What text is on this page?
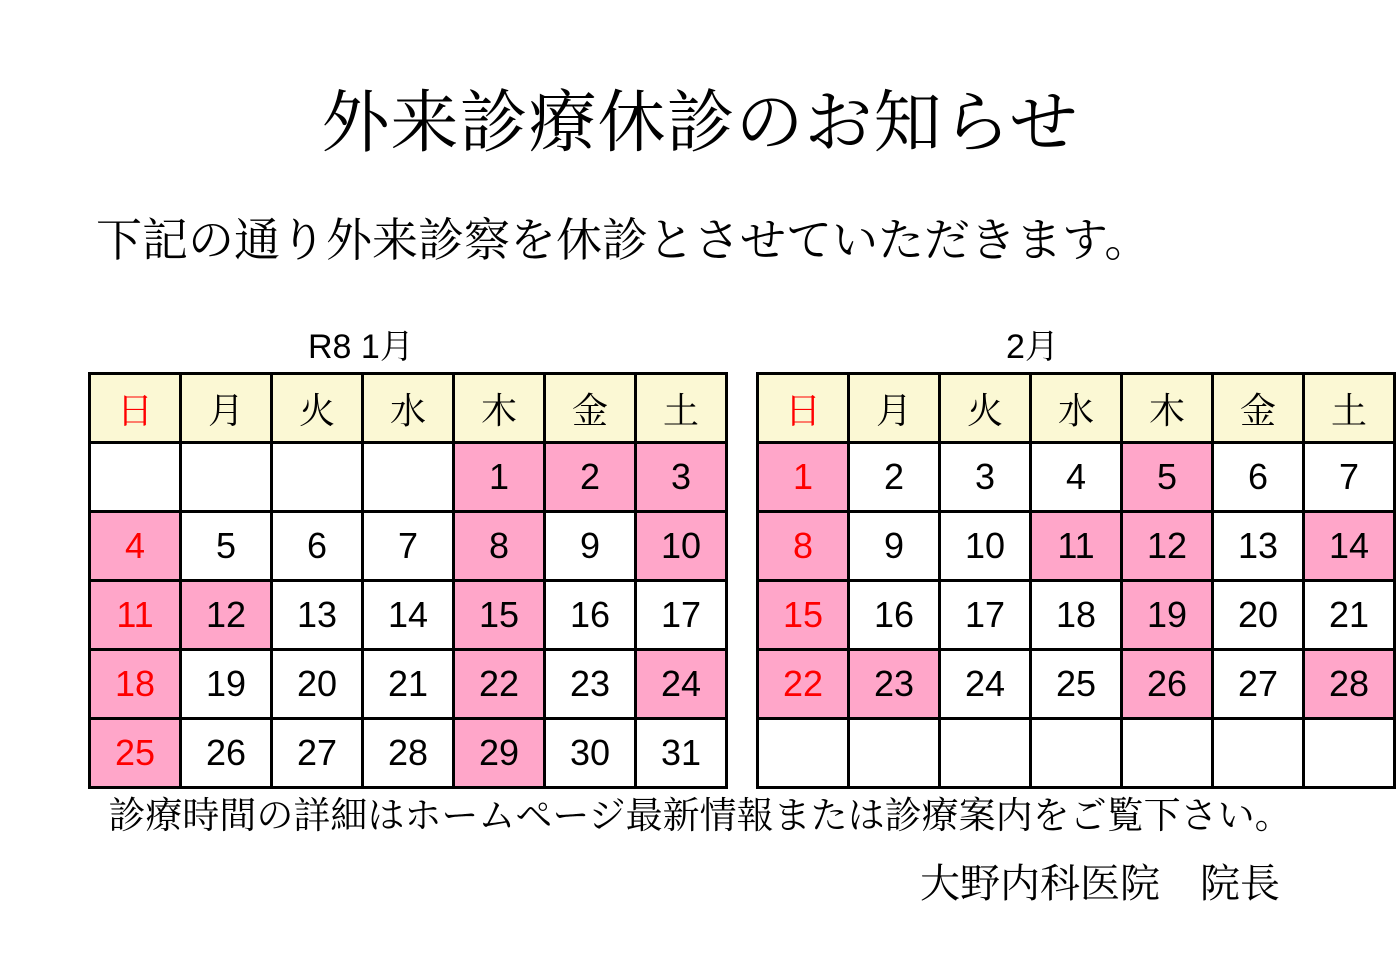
外来診療休診のお知らせ

下記の通り外来診察を休診とさせていただきます。

R8 1月
日	月	火	水	木	金	土
				1	2	3
4	5	6	7	8	9	10
11	12	13	14	15	16	17
18	19	20	21	22	23	24
25	26	27	28	29	30	31
2月
日	月	火	水	木	金	土
1	2	3	4	5	6	7
8	9	10	11	12	13	14
15	16	17	18	19	20	21
22	23	24	25	26	27	28

診療時間の詳細はホームページ最新情報または診療案内をご覧下さい。
大野内科医院　院長
